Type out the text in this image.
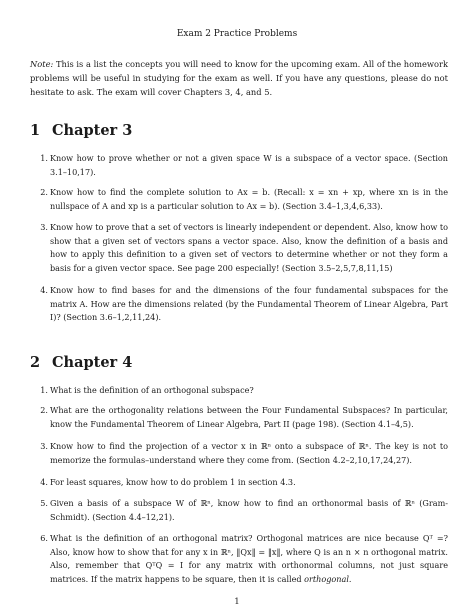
Exam 2 Practice Problems
Note: This is a list the concepts you will need to know for the upcoming exam. All of the homework problems will be useful in studying for the exam as well. If you have any questions, please do not hesitate to ask. The exam will cover Chapters 3, 4, and 5.
1 Chapter 3
1. Know how to prove whether or not a given space W is a subspace of a vector space. (Section 3.1–10,17).
2. Know how to find the complete solution to Ax = b. (Recall: x = xn + xp, where xn is in the nullspace of A and xp is a particular solution to Ax = b). (Section 3.4–1,3,4,6,33).
3. Know how to prove that a set of vectors is linearly independent or dependent. Also, know how to show that a given set of vectors spans a vector space. Also, know the definition of a basis and how to apply this definition to a given set of vectors to determine whether or not they form a basis for a given vector space. See page 200 especially! (Section 3.5–2,5,7,8,11,15)
4. Know how to find bases for and the dimensions of the four fundamental subspaces for the matrix A. How are the dimensions related (by the Fundamental Theorem of Linear Algebra, Part I)? (Section 3.6–1,2,11,24).
2 Chapter 4
1. What is the definition of an orthogonal subspace?
2. What are the orthogonality relations between the Four Fundamental Subspaces? In particular, know the Fundamental Theorem of Linear Algebra, Part II (page 198). (Section 4.1–4,5).
3. Know how to find the projection of a vector x in ℝⁿ onto a subspace of ℝⁿ. The key is not to memorize the formulas–understand where they come from. (Section 4.2–2,10,17,24,27).
4. For least squares, know how to do problem 1 in section 4.3.
5. Given a basis of a subspace W of ℝⁿ, know how to find an orthonormal basis of ℝⁿ (Gram-Schmidt). (Section 4.4–12,21).
6. What is the definition of an orthogonal matrix? Orthogonal matrices are nice because Qᵀ =? Also, know how to show that for any x in ℝⁿ, ‖Qx‖ = ‖x‖, where Q is an n × n orthogonal matrix. Also, remember that QᵀQ = I for any matrix with orthonormal columns, not just square matrices. If the matrix happens to be square, then it is called orthogonal.
1
